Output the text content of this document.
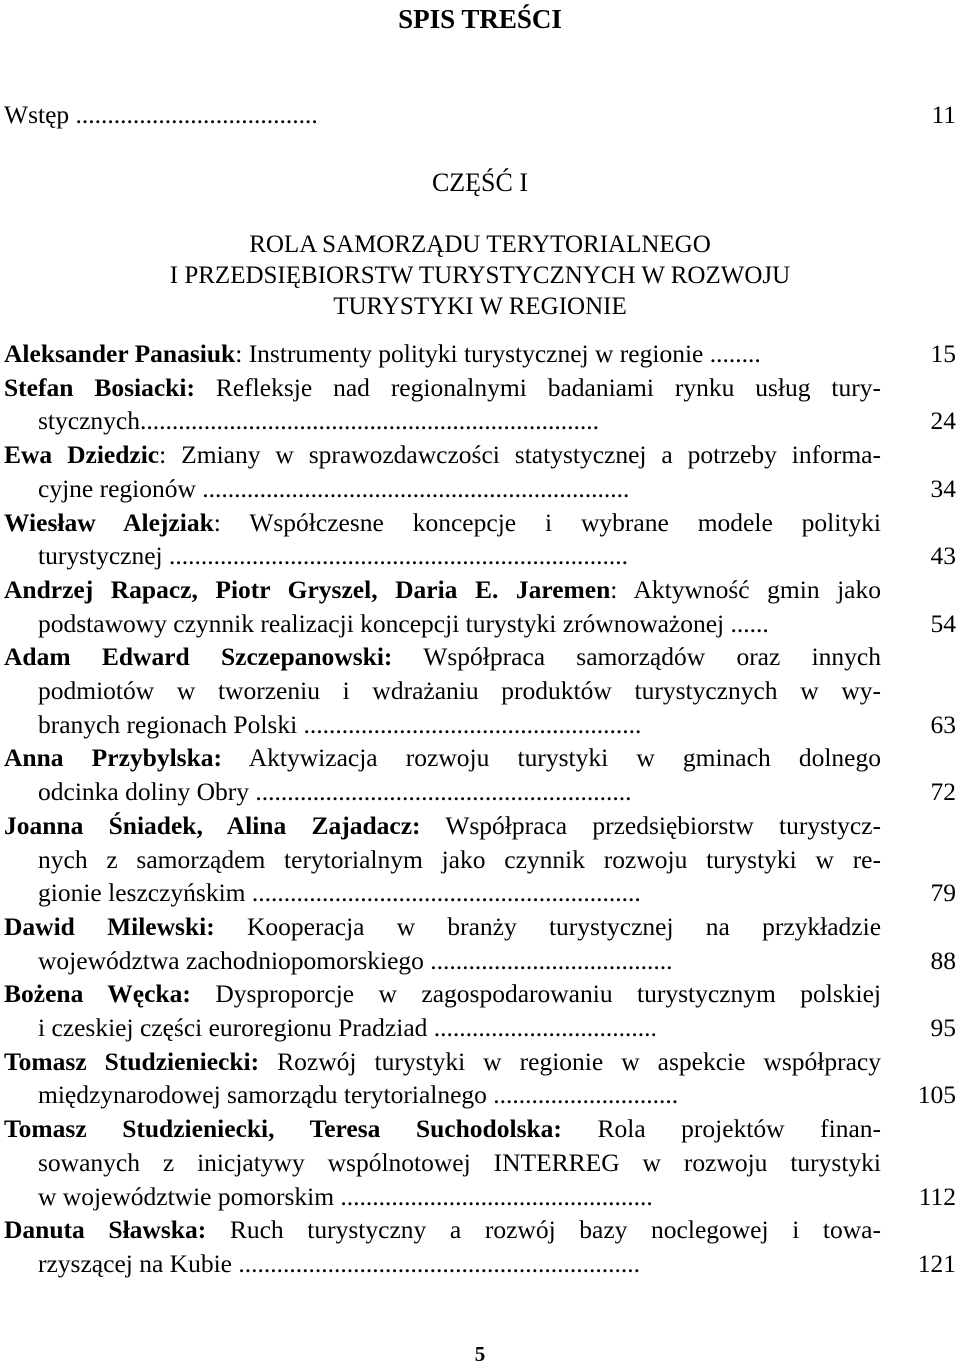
SPIS TREŚCI
Wstęp ......................................	11
CZĘŚĆ I
ROLA SAMORZĄDU TERYTORIALNEGO
I PRZEDSIĘBIORSTW TURYSTYCZNYCH W ROZWOJU
TURYSTYKI W REGIONIE
Aleksander Panasiuk: Instrumenty polityki turystycznej w regionie ........	15
Stefan Bosiacki: Refleksje nad regionalnymi badaniami rynku usług tury-
stycznych........................................................................	24
Ewa Dziedzic: Zmiany w sprawozdawczości statystycznej a potrzeby informa-
cyjne regionów ...................................................................	34
Wiesław Alejziak: Współczesne koncepcje i wybrane modele polityki
turystycznej ........................................................................	43
Andrzej Rapacz, Piotr Gryszel, Daria E. Jaremen: Aktywność gmin jako
podstawowy czynnik realizacji koncepcji turystyki zrównoważonej ......	54
Adam Edward Szczepanowski: Współpraca samorządów oraz innych
podmiotów w tworzeniu i wdrażaniu produktów turystycznych w wy-
branych regionach Polski .....................................................	63
Anna Przybylska: Aktywizacja rozwoju turystyki w gminach dolnego
odcinka doliny Obry ...........................................................	72
Joanna Śniadek, Alina Zajadacz: Współpraca przedsiębiorstw turystycz-
nych z samorządem terytorialnym jako czynnik rozwoju turystyki w re-
gionie leszczyńskim .............................................................	79
Dawid Milewski: Kooperacja w branży turystycznej na przykładzie
województwa zachodniopomorskiego ......................................	88
Bożena Węcka: Dysproporcje w zagospodarowaniu turystycznym polskiej
i czeskiej części euroregionu Pradziad ...................................	95
Tomasz Studzieniecki: Rozwój turystyki w regionie w aspekcie współpracy
międzynarodowej samorządu terytorialnego .............................	105
Tomasz Studzieniecki, Teresa Suchodolska: Rola projektów finan-
sowanych z inicjatywy wspólnotowej INTERREG w rozwoju turystyki
w województwie pomorskim .................................................	112
Danuta Sławska: Ruch turystyczny a rozwój bazy noclegowej i towa-
rzyszącej na Kubie ...............................................................	121
5
